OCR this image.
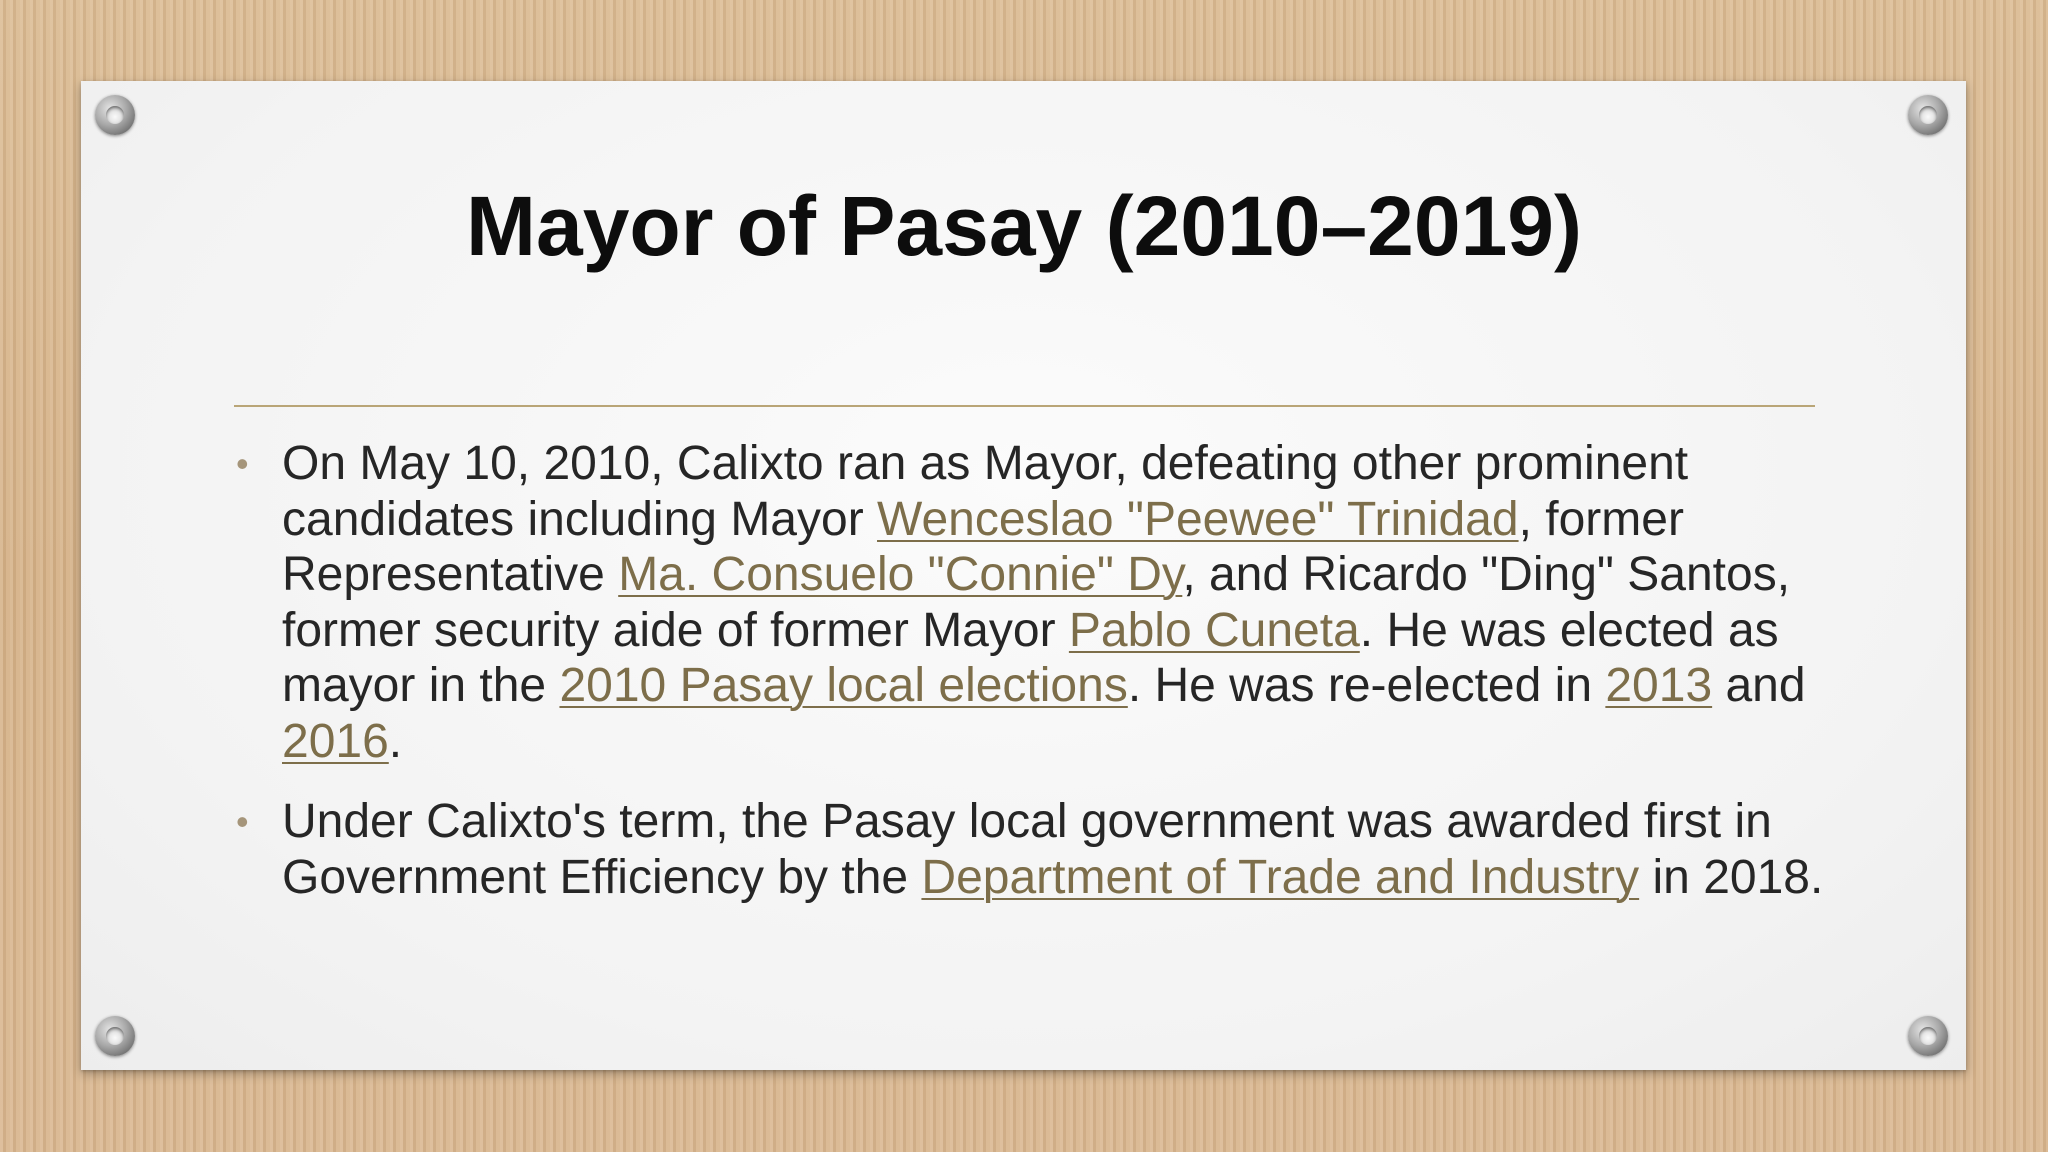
Mayor of Pasay (2010–2019)
• On May 10, 2010, Calixto ran as Mayor, defeating other prominent candidates including Mayor Wenceslao "Peewee" Trinidad, former Representative Ma. Consuelo "Connie" Dy, and Ricardo "Ding" Santos, former security aide of former Mayor Pablo Cuneta. He was elected as mayor in the 2010 Pasay local elections. He was re-elected in 2013 and 2016.
• Under Calixto's term, the Pasay local government was awarded first in Government Efficiency by the Department of Trade and Industry in 2018.
